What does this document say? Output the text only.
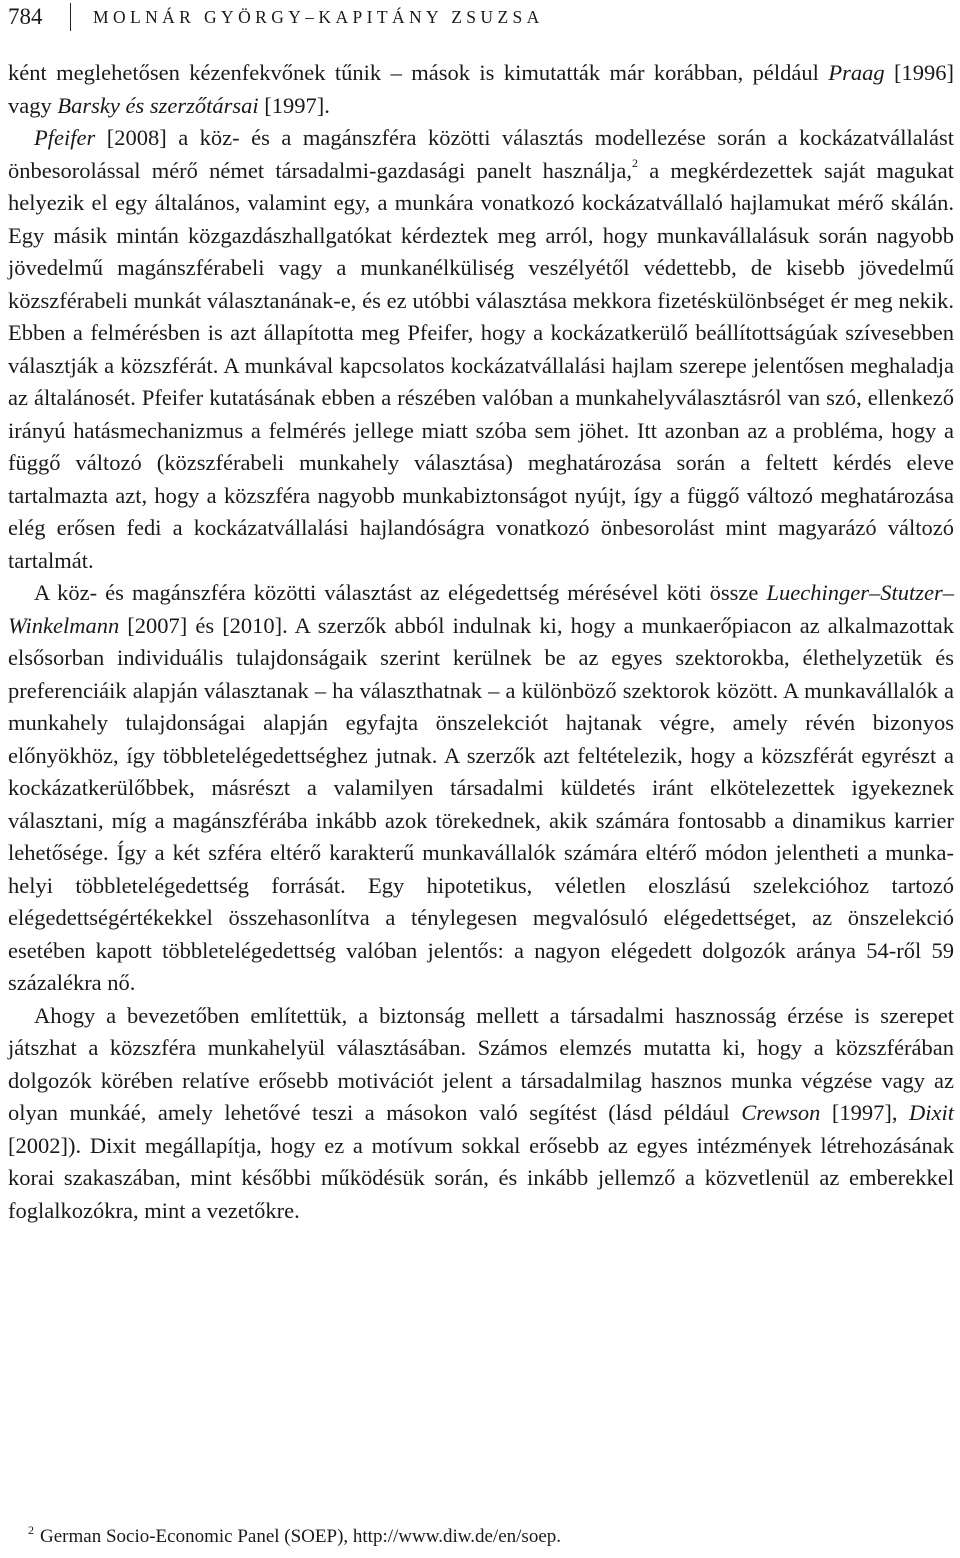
784	MOLNÁR GYÖRGY–KAPITÁNY ZSUZSA

ként meglehetősen kézenfekvőnek tűnik – mások is kimutatták már korábban, például Praag [1996] vagy Barsky és szerzőtársai [1997].

Pfeifer [2008] a köz- és a magánszféra közötti választás modellezése során a kockázatvállalást önbesorolással mérő német társadalmi-gazdasági panelt használja,$^2$ a megkérdezettek saját magukat helyezik el egy általános, valamint egy, a munkára vonatkozó kockázatvállaló hajlamukat mérő skálán. Egy másik mintán közgazdászhallgatókat kérdeztek meg arról, hogy munkavállalásuk során nagyobb jövedelmű magánszférabeli vagy a munkanélküliség veszélyétől védettebb, de kisebb jövedelmű közszférabeli munkát választanának-e, és ez utóbbi választása mekkora fizetéskülönbséget ér meg nekik. Ebben a felmérésben is azt állapította meg Pfeifer, hogy a kockázatkerülő beállítottságúak szívesebben választják a közszférát. A munkával kapcsolatos kockázatvállalási hajlam szerepe jelentősen meghaladja az általánosét. Pfeifer kutatásának ebben a részében valóban a munkahelyválasztásról van szó, ellenkező irányú hatásmechanizmus a felmérés jellege miatt szóba sem jöhet. Itt azonban az a probléma, hogy a függő változó (közszférabeli munkahely választása) meghatározása során a feltett kérdés eleve tartalmazta azt, hogy a közszféra nagyobb munkabiztonságot nyújt, így a függő változó meghatározása elég erősen fedi a kockázatvállalási hajlandóságra vonatkozó önbesorolást mint magyarázó változó tartalmát.

A köz- és magánszféra közötti választást az elégedettség mérésével köti össze Luechinger–Stutzer–Winkelmann [2007] és [2010]. A szerzők abból indulnak ki, hogy a munkaerőpiacon az alkalmazottak elsősorban individuális tulajdonságaik szerint kerülnek be az egyes szektorokba, élethelyzetük és preferenciáik alapján választanak – ha választhatnak – a különböző szektorok között. A munkavállalók a munkahely tulajdonságai alapján egyfajta önszelekciót hajtanak végre, amely révén bizonyos előnyökhöz, így többletelégedettséghez jutnak. A szerzők azt feltételezik, hogy a közszférát egyrészt a kockázatkerülőbbek, másrészt a valamilyen társadalmi küldetés iránt elkötelezettek igyekeznek választani, míg a magánszférába inkább azok törekednek, akik számára fontosabb a dinamikus karrier lehetősége. Így a két szféra eltérő karakterű munkavállalók számára eltérő módon jelentheti a munkahelyi többletelégedettség forrását. Egy hipotetikus, véletlen eloszlású szelekcióhoz tartozó elégedettségértékekkel összehasonlítva a ténylegesen megvalósuló elégedettséget, az önszelekció esetében kapott többletelégedettség valóban jelentős: a nagyon elégedett dolgozók aránya 54-ről 59 százalékra nő.

Ahogy a bevezetőben említettük, a biztonság mellett a társadalmi hasznosság érzése is szerepet játszhat a közszféra munkahelyül választásában. Számos elemzés mutatta ki, hogy a közszférában dolgozók körében relatíve erősebb motivációt jelent a társadalmilag hasznos munka végzése vagy az olyan munkáé, amely lehetővé teszi a másokon való segítést (lásd például Crewson [1997], Dixit [2002]). Dixit megállapítja, hogy ez a motívum sokkal erősebb az egyes intézmények létrehozásának korai szakaszában, mint későbbi működésük során, és inkább jellemző a közvetlenül az emberekkel foglalkozókra, mint a vezetőkre.

$^2$ German Socio-Economic Panel (SOEP), http://www.diw.de/en/soep.
